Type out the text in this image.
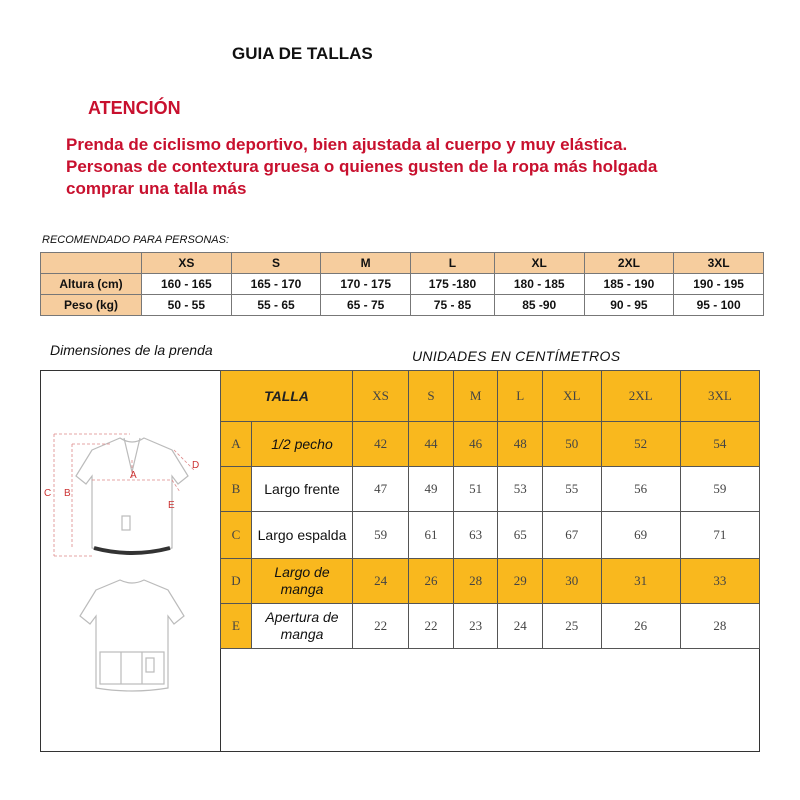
GUIA DE TALLAS
ATENCIÓN
Prenda de ciclismo deportivo, bien ajustada al cuerpo y muy elástica. Personas de contextura gruesa o quienes gusten de la ropa más holgada comprar una talla más
RECOMENDADO PARA PERSONAS:
	XS	S	M	L	XL	2XL	3XL
Altura (cm)	160 - 165	165 - 170	170 - 175	175 -180	180 - 185	185 - 190	190 - 195
Peso (kg)	50 - 55	55 - 65	65 - 75	75 - 85	85 -90	90 - 95	95 - 100
Dimensiones de la prenda	UNIDADES EN CENTÍMETROS
C B
A
D
E
TALLA		XS	S	M	L	XL	2XL	3XL
A	1/2 pecho	42	44	46	48	50	52	54
B	Largo frente	47	49	51	53	55	56	59
C	Largo espalda	59	61	63	65	67	69	71
D	Largo de manga	24	26	28	29	30	31	33
E	Apertura de manga	22	22	23	24	25	26	28
